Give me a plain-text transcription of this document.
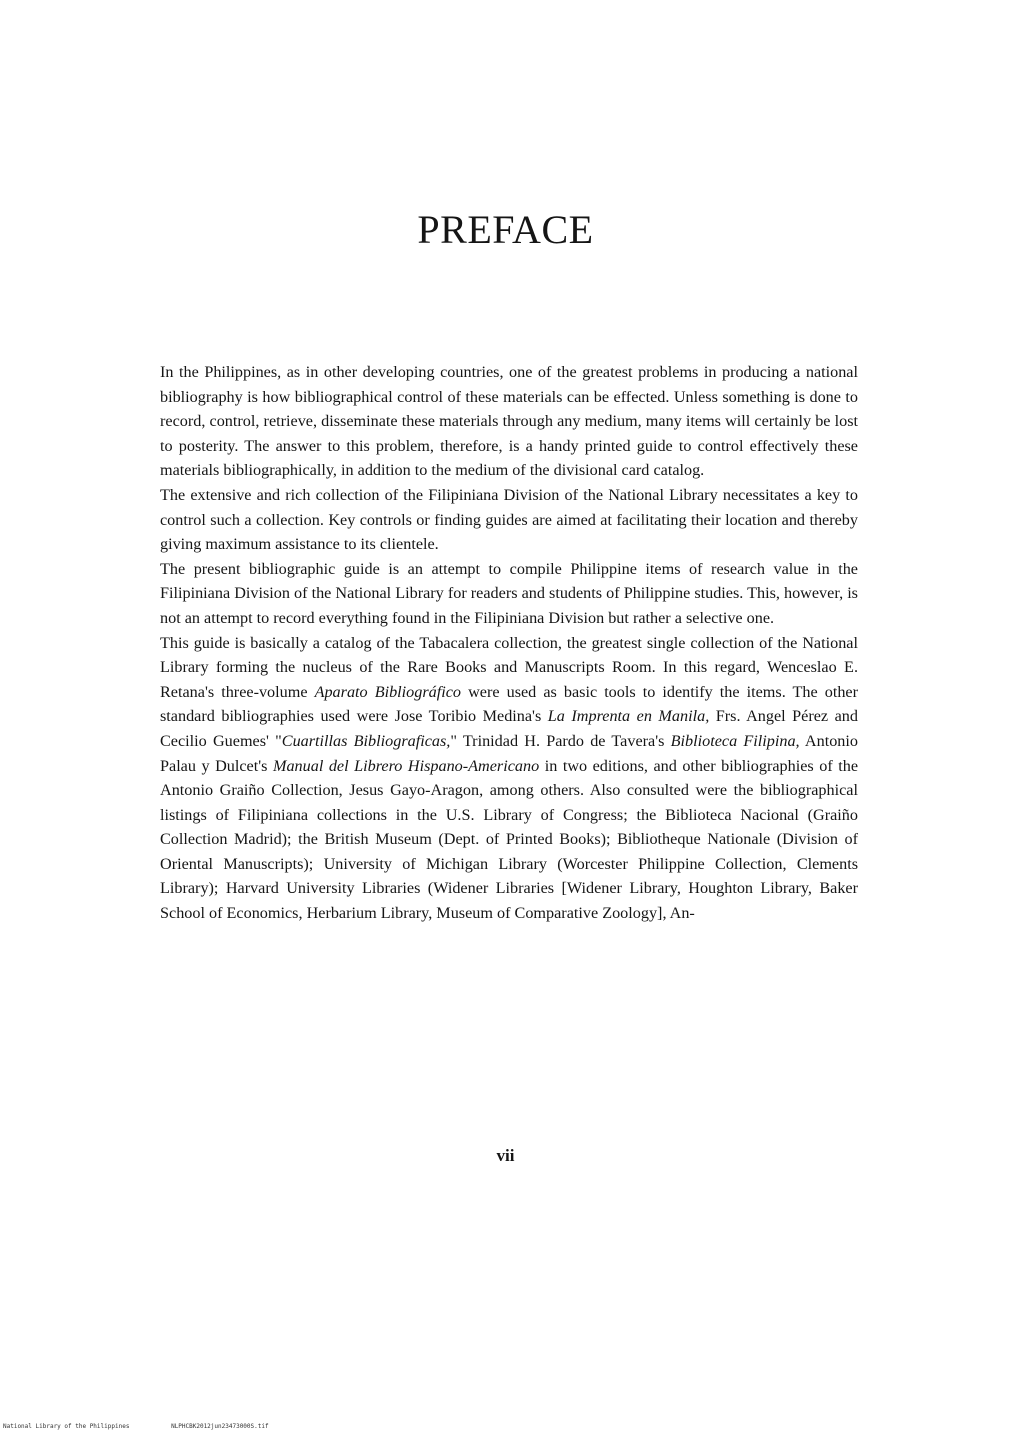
PREFACE

In the Philippines, as in other developing countries, one of the greatest problems in producing a national bibliography is how bibliographical control of these materials can be effected. Unless something is done to record, control, retrieve, disseminate these materials through any medium, many items will certainly be lost to posterity. The answer to this problem, therefore, is a handy printed guide to control effectively these materials bibliographically, in addition to the medium of the divisional card catalog.

The extensive and rich collection of the Filipiniana Division of the National Library necessitates a key to control such a collection. Key controls or finding guides are aimed at facilitating their location and thereby giving maximum assistance to its clientele.

The present bibliographic guide is an attempt to compile Philippine items of research value in the Filipiniana Division of the National Library for readers and students of Philippine studies. This, however, is not an attempt to record everything found in the Filipiniana Division but rather a selective one.

This guide is basically a catalog of the Tabacalera collection, the greatest single collection of the National Library forming the nucleus of the Rare Books and Manuscripts Room. In this regard, Wenceslao E. Retana's three-volume Aparato Bibliográfico were used as basic tools to identify the items. The other standard bibliographies used were Jose Toribio Medina's La Imprenta en Manila, Frs. Angel Pérez and Cecilio Guemes' "Cuartillas Bibliograficas," Trinidad H. Pardo de Tavera's Biblioteca Filipina, Antonio Palau y Dulcet's Manual del Librero Hispano-Americano in two editions, and other bibliographies of the Antonio Graiño Collection, Jesus Gayo-Aragon, among others. Also consulted were the bibliographical listings of Filipiniana collections in the U.S. Library of Congress; the Biblioteca Nacional (Graiño Collection Madrid); the British Museum (Dept. of Printed Books); Bibliotheque Nationale (Division of Oriental Manuscripts); University of Michigan Library (Worcester Philippine Collection, Clements Library); Harvard University Libraries (Widener Libraries [Widener Library, Houghton Library, Baker School of Economics, Herbarium Library, Museum of Comparative Zoology], An-

vii
National Library of the Philippines	NLPHCBK2012jun23473000S.tif
